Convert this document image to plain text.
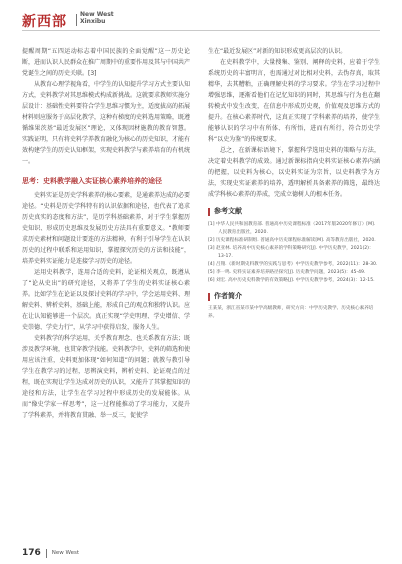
新西部 New West
Xinxibu

提醒周期“五四运动标志着中国民族的全面觉醒”这一历史论断，进而认识人民群众在推广周期中的重要作用及其与中国共产党诞生之间的历史关联。[3]

从教育心理学视角看，中学生的认知提升学习方式主要认知方式，史料教学对其思维模式构成新挑战。这就要求教师实施分层设计：基础性史料要符合学生思维习惯为主，适度拔高的拓展材料则应服务于高层化教学，这种有梯度的史料选用策略，既遵循维果茨基“最近发展区”理论，又体现因材施教的教育智慧。实践证明，只有将史料学养教育融化为核心的历史知识，才能有效构建学生的历史认知框架，实现史料教学与素养培育的有机统一。

思考：史料教学融入实证核心素养培养的途径

史料实证是历史学科素养的核心要素，是通素养达成的必要途径。“史料是历史学科特有的认识依据和途径，也代表了追求历史真实的态度和方法”，是历学科基础素养，对于学生掌握历史知识、形成历史思维及发展历史方法具有重要意义。“教师要求历史素材和问题设计要连的方法精神，有利于引导学生在认识历史的过程中联系和运用知识，掌握探究历史的方法和技能”，培养史料实证能力是连接学习历史的途径。

运用史料教学，连用合适的史料，论证相关观点，既遵从了“论从史出”的研究途径，又将养了学生的史料实证核心素养。比如学生在论证以及探讨史料的学习中，学会运用史料、理解史料、辨析史料，基础上能，形成自己的观点和独特认识。应在让认知能够进一个层次。真正实现“学史明理、学史增信、学史崇德、学史力行”，从学习中获得启发，服务人生。

史料教学的科学运用，关乎教育理念、也关系教育方法；既涉及教学环境，也贯穿教学技能。史料教学中，史料的筛选和使用应该注重，史料更加体现“如何知道”的问题；就教与教引导学生在教学习的过程，思辨演史料，辨析史料、论证观点的过程，既在实现让学生达成对历史的认识，又能升了其掌握知识的途径和方法，让学生在学习过程中形成历史的发展能体。从而“像史学家一样思考”，这一过程能推动了学习能力，又提升了学科素养，并将教育贯融、举一反三，促使学

生在“最近发展区”对新的知识形成更高层次的认识。

在史料教学中，大量搜集、鉴别、阐释的史料，应着于学生系统历史的丰富明言，也需通过对比相对史料，去伪存真，取其精华，去其糟粕，正确理解史料的学习要求。学生在学习过程中增强思维，逐渐看他们在记忆知识的同时，其思维与行为也在翻转模式中发生改变，在信息中形成历史观，价值观及思维方式的提升。在核心素养时代，这真正实现了学科素养的培养，使学生能够认识的学习中有所体、有所悟，进而有所行，符合历史学科“以史为鉴”的传统要求。

总之，在新课标语境下，掌握科学选用史料的策略与方法，决定着史料教学的成效。通过新课标指向史料实证核心素养内涵的把握，以史料为核心，以史料实证为宗旨，以史料教学为方法，实现史实证素养的培养，透明解析具备素养的筛选，最终达成学科核心素养的养成，完成立德树人的根本任务。

参考文献
[1] 中华人民共和国教育部. 普通高中历史课程标准（2017年版2020年修订）[M]. 人民教育出版社，2020.
[2] 历史课程标准研制组. 普通高中历史课程标准解读[M]. 高等教育出版社，2020.
[3] 赵亚林. 培养高中历史核心素养的学科策略研究[J]. 中学历史教学，2021(2)：13-17.
[4] 吕翔.《新时期史料教学的实践与思考》中学历史教学参考，2022(11)：28-30.
[5] 李一鸣. 史料实证素养培养路径探究[J]. 历史教学问题，2023(5)：45-49.
[6] 刘宏. 高中历史史料教学的有效策略[J]. 中学历史教学参考，2024(3)：12-15.
作者简介
王某某，浙江省某市某中学高级教师，研究方向：中学历史教学、历史核心素养培养。
176 New West
